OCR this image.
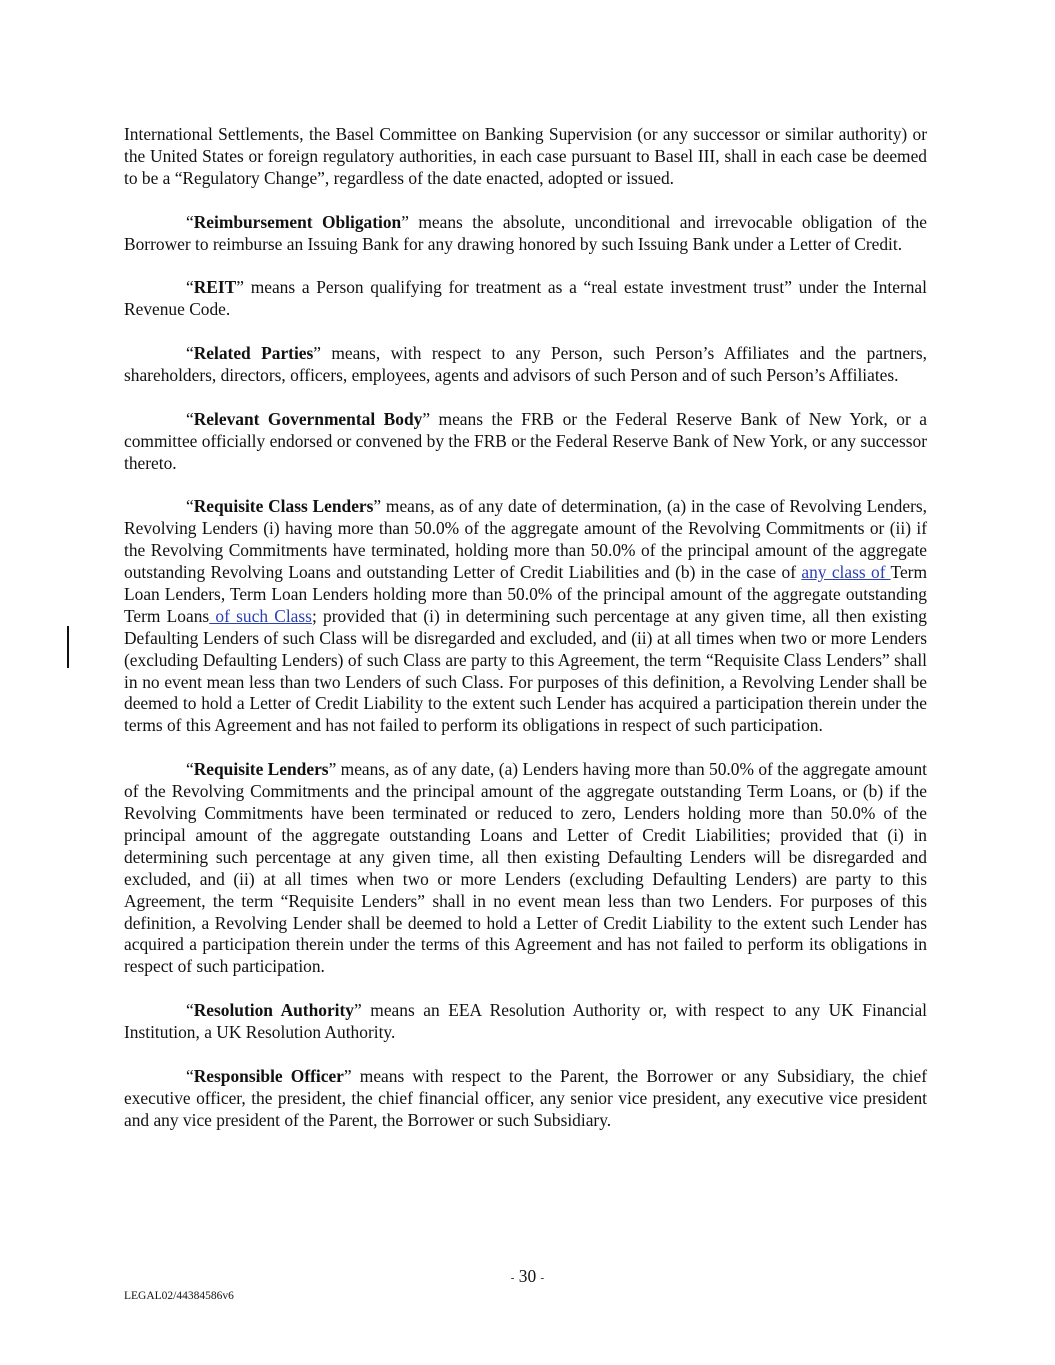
International Settlements, the Basel Committee on Banking Supervision (or any successor or similar authority) or the United States or foreign regulatory authorities, in each case pursuant to Basel III, shall in each case be deemed to be a “Regulatory Change”, regardless of the date enacted, adopted or issued.

“Reimbursement Obligation” means the absolute, unconditional and irrevocable obligation of the Borrower to reimburse an Issuing Bank for any drawing honored by such Issuing Bank under a Letter of Credit.

“REIT” means a Person qualifying for treatment as a “real estate investment trust” under the Internal Revenue Code.

“Related Parties” means, with respect to any Person, such Person’s Affiliates and the partners, shareholders, directors, officers, employees, agents and advisors of such Person and of such Person’s Affiliates.

“Relevant Governmental Body” means the FRB or the Federal Reserve Bank of New York, or a committee officially endorsed or convened by the FRB or the Federal Reserve Bank of New York, or any successor thereto.

“Requisite Class Lenders” means, as of any date of determination, (a) in the case of Revolving Lenders, Revolving Lenders (i) having more than 50.0% of the aggregate amount of the Revolving Commitments or (ii) if the Revolving Commitments have terminated, holding more than 50.0% of the principal amount of the aggregate outstanding Revolving Loans and outstanding Letter of Credit Liabilities and (b) in the case of any class of Term Loan Lenders, Term Loan Lenders holding more than 50.0% of the principal amount of the aggregate outstanding Term Loans of such Class; provided that (i) in determining such percentage at any given time, all then existing Defaulting Lenders of such Class will be disregarded and excluded, and (ii) at all times when two or more Lenders (excluding Defaulting Lenders) of such Class are party to this Agreement, the term “Requisite Class Lenders” shall in no event mean less than two Lenders of such Class. For purposes of this definition, a Revolving Lender shall be deemed to hold a Letter of Credit Liability to the extent such Lender has acquired a participation therein under the terms of this Agreement and has not failed to perform its obligations in respect of such participation.

“Requisite Lenders” means, as of any date, (a) Lenders having more than 50.0% of the aggregate amount of the Revolving Commitments and the principal amount of the aggregate outstanding Term Loans, or (b) if the Revolving Commitments have been terminated or reduced to zero, Lenders holding more than 50.0% of the principal amount of the aggregate outstanding Loans and Letter of Credit Liabilities; provided that (i) in determining such percentage at any given time, all then existing Defaulting Lenders will be disregarded and excluded, and (ii) at all times when two or more Lenders (excluding Defaulting Lenders) are party to this Agreement, the term “Requisite Lenders” shall in no event mean less than two Lenders. For purposes of this definition, a Revolving Lender shall be deemed to hold a Letter of Credit Liability to the extent such Lender has acquired a participation therein under the terms of this Agreement and has not failed to perform its obligations in respect of such participation.

“Resolution Authority” means an EEA Resolution Authority or, with respect to any UK Financial Institution, a UK Resolution Authority.

“Responsible Officer” means with respect to the Parent, the Borrower or any Subsidiary, the chief executive officer, the president, the chief financial officer, any senior vice president, any executive vice president and any vice president of the Parent, the Borrower or such Subsidiary.

- 30 -
LEGAL02/44384586v6
